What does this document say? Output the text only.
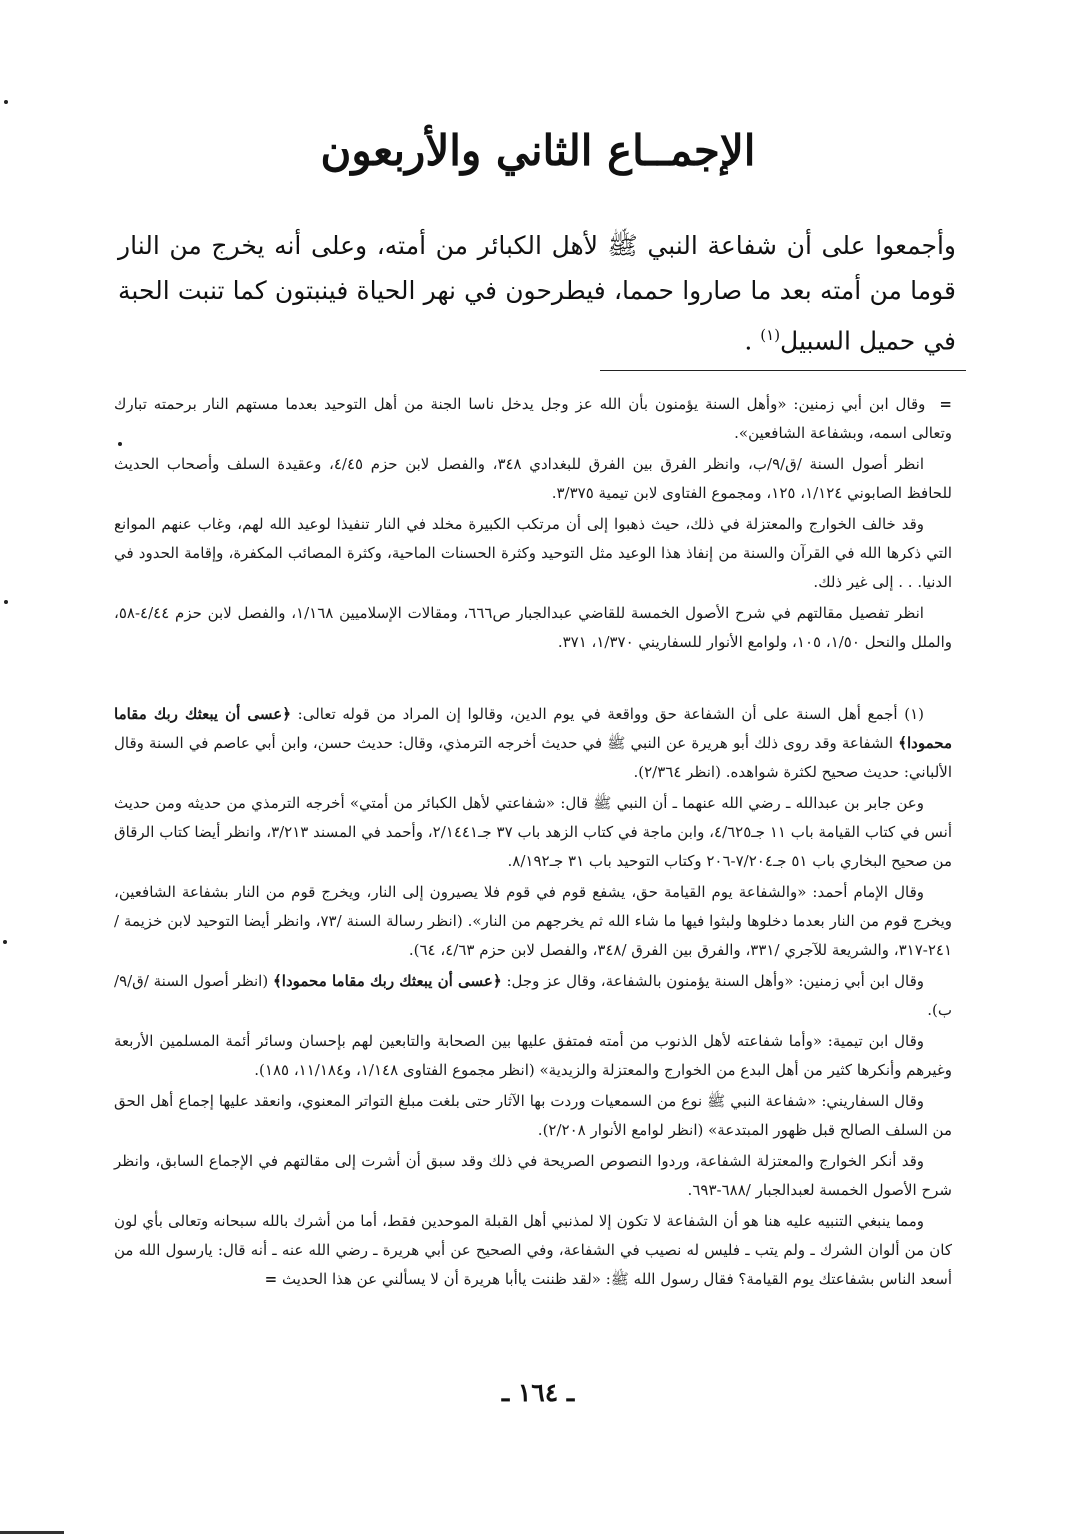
الإجمــاع الثاني والأربعون
وأجمعوا على أن شفاعة النبي ﷺ لأهل الكبائر من أمته، وعلى أنه يخرج من النار قوما من أمته بعد ما صاروا حمما، فيطرحون في نهر الحياة فينبتون كما تنبت الحبة في حميل السبيل$^{(١)}$ .

=وقال ابن أبي زمنين: «وأهل السنة يؤمنون بأن الله عز وجل يدخل ناسا الجنة من أهل التوحيد بعدما مستهم النار برحمته تبارك وتعالى اسمه، وبشفاعة الشافعين».

انظر أصول السنة /ق/٩/ب، وانظر الفرق بين الفرق للبغدادي ٣٤٨، والفصل لابن حزم ٤/٤٥، وعقيدة السلف وأصحاب الحديث للحافظ الصابوني ١/١٢٤، ١٢٥، ومجموع الفتاوى لابن تيمية ٣/٣٧٥.

وقد خالف الخوارج والمعتزلة في ذلك، حيث ذهبوا إلى أن مرتكب الكبيرة مخلد في النار تنفيذا لوعيد الله لهم، وغاب عنهم الموانع التي ذكرها الله في القرآن والسنة من إنفاذ هذا الوعيد مثل التوحيد وكثرة الحسنات الماحية، وكثرة المصائب المكفرة، وإقامة الحدود في الدنيا. . . إلى غير ذلك.

انظر تفصيل مقالتهم في شرح الأصول الخمسة للقاضي عبدالجبار ص٦٦٦، ومقالات الإسلاميين ١/١٦٨، والفصل لابن حزم ٤/٤٤-٥٨، والملل والنحل ١/٥٠، ١٠٥، ولوامع الأنوار للسفاريني ١/٣٧٠، ٣٧١.

(١) أجمع أهل السنة على أن الشفاعة حق وواقعة في يوم الدين، وقالوا إن المراد من قوله تعالى: ﴿عسى أن يبعثك ربك مقاما محمودا﴾ الشفاعة وقد روى ذلك أبو هريرة عن النبي ﷺ في حديث أخرجه الترمذي، وقال: حديث حسن، وابن أبي عاصم في السنة وقال الألباني: حديث صحيح لكثرة شواهده. (انظر ٢/٣٦٤).

وعن جابر بن عبدالله ـ رضي الله عنهما ـ أن النبي ﷺ قال: «شفاعتي لأهل الكبائر من أمتي» أخرجه الترمذي من حديثه ومن حديث أنس في كتاب القيامة باب ١١ جـ٤/٦٢٥، وابن ماجة في كتاب الزهد باب ٣٧ جـ٢/١٤٤١، وأحمد في المسند ٣/٢١٣، وانظر أيضا كتاب الرقاق من صحيح البخاري باب ٥١ جـ٧/٢٠٤-٢٠٦ وكتاب التوحيد باب ٣١ جـ٨/١٩٢.

وقال الإمام أحمد: «والشفاعة يوم القيامة حق، يشفع قوم في قوم فلا يصيرون إلى النار، ويخرج قوم من النار بشفاعة الشافعين، ويخرج قوم من النار بعدما دخلوها ولبثوا فيها ما شاء الله ثم يخرجهم من النار». (انظر رسالة السنة /٧٣، وانظر أيضا التوحيد لابن خزيمة /٢٤١-٣١٧، والشريعة للآجري /٣٣١، والفرق بين الفرق /٣٤٨، والفصل لابن حزم ٤/٦٣، ٦٤).

وقال ابن أبي زمنين: «وأهل السنة يؤمنون بالشفاعة، وقال عز وجل: ﴿عسى أن يبعثك ربك مقاما محمودا﴾ (انظر أصول السنة /ق/٩/ب).

وقال ابن تيمية: «وأما شفاعته لأهل الذنوب من أمته فمتفق عليها بين الصحابة والتابعين لهم بإحسان وسائر أئمة المسلمين الأربعة وغيرهم وأنكرها كثير من أهل البدع من الخوارج والمعتزلة والزيدية» (انظر مجموع الفتاوى ١/١٤٨، و١١/١٨٤، ١٨٥).

وقال السفاريني: «شفاعة النبي ﷺ نوع من السمعيات وردت بها الآثار حتى بلغت مبلغ التواتر المعنوي، وانعقد عليها إجماع أهل الحق من السلف الصالح قبل ظهور المبتدعة» (انظر لوامع الأنوار ٢/٢٠٨).

وقد أنكر الخوارج والمعتزلة الشفاعة، وردوا النصوص الصريحة في ذلك وقد سبق أن أشرت إلى مقالتهم في الإجماع السابق، وانظر شرح الأصول الخمسة لعبدالجبار /٦٨٨-٦٩٣.

ومما ينبغي التنبيه عليه هنا هو أن الشفاعة لا تكون إلا لمذنبي أهل القبلة الموحدين فقط، أما من أشرك بالله سبحانه وتعالى بأي لون كان من ألوان الشرك ـ ولم يتب ـ فليس له نصيب في الشفاعة، وفي الصحيح عن أبي هريرة ـ رضي الله عنه ـ أنه قال: يارسول الله من أسعد الناس بشفاعتك يوم القيامة؟ فقال رسول الله ﷺ: «لقد ظننت ياأبا هريرة أن لا يسألني عن هذا الحديث =

ـ ١٦٤ ـ
